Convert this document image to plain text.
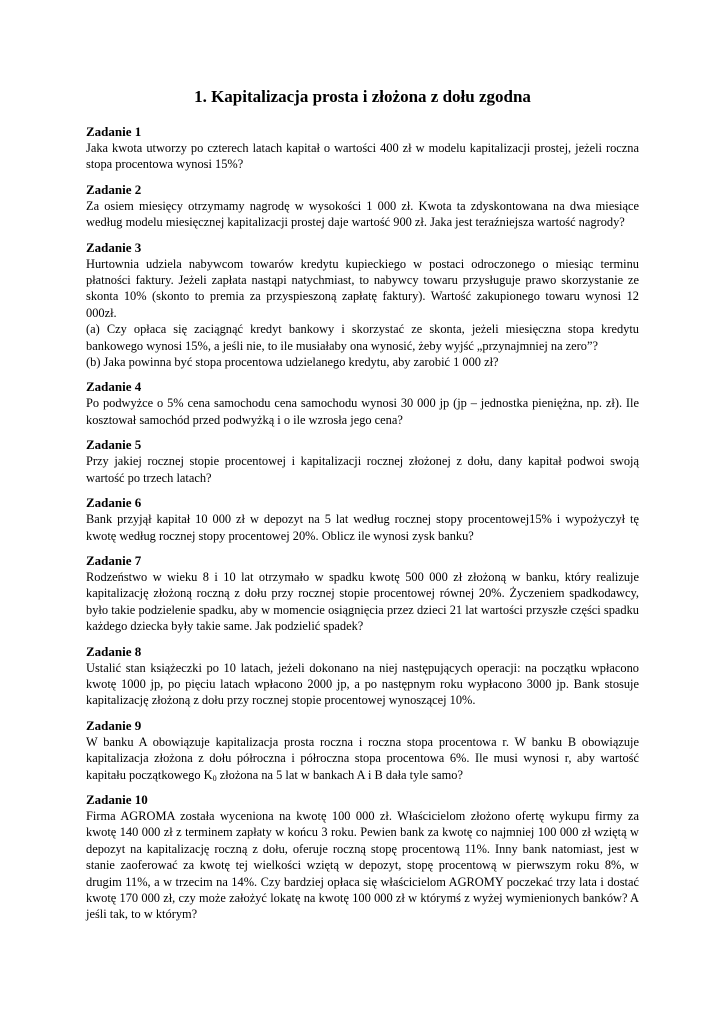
1. Kapitalizacja prosta i złożona z dołu zgodna
Zadanie 1

Jaka kwota utworzy po czterech latach kapitał o wartości 400 zł w modelu kapitalizacji prostej, jeżeli roczna stopa procentowa wynosi 15%?

Zadanie 2

Za osiem miesięcy otrzymamy nagrodę w wysokości 1 000 zł. Kwota ta zdyskontowana na dwa miesiące według modelu miesięcznej kapitalizacji prostej daje wartość 900 zł. Jaka jest teraźniejsza wartość nagrody?

Zadanie 3

Hurtownia udziela nabywcom towarów kredytu kupieckiego w postaci odroczonego o miesiąc terminu płatności faktury. Jeżeli zapłata nastąpi natychmiast, to nabywcy towaru przysługuje prawo skorzystanie ze skonta 10% (skonto to premia za przyspieszoną zapłatę faktury). Wartość zakupionego towaru wynosi 12 000zł.

(a) Czy opłaca się zaciągnąć kredyt bankowy i skorzystać ze skonta, jeżeli miesięczna stopa kredytu bankowego wynosi 15%, a jeśli nie, to ile musiałaby ona wynosić, żeby wyjść „przynajmniej na zero”?

(b) Jaka powinna być stopa procentowa udzielanego kredytu, aby zarobić 1 000 zł?

Zadanie 4

Po podwyżce o 5% cena samochodu cena samochodu wynosi 30 000 jp (jp – jednostka pieniężna, np. zł). Ile kosztował samochód przed podwyżką i o ile wzrosła jego cena?

Zadanie 5

Przy jakiej rocznej stopie procentowej i kapitalizacji rocznej złożonej z dołu, dany kapitał podwoi swoją wartość po trzech latach?

Zadanie 6

Bank przyjął kapitał 10 000 zł w depozyt na 5 lat według rocznej stopy procentowej15% i wypożyczył tę kwotę według rocznej stopy procentowej 20%. Oblicz ile wynosi zysk banku?

Zadanie 7

Rodzeństwo w wieku 8 i 10 lat otrzymało w spadku kwotę 500 000 zł złożoną w banku, który realizuje kapitalizację złożoną roczną z dołu przy rocznej stopie procentowej równej 20%. Życzeniem spadkodawcy, było takie podzielenie spadku, aby w momencie osiągnięcia przez dzieci 21 lat wartości przyszłe części spadku każdego dziecka były takie same. Jak podzielić spadek?

Zadanie 8

Ustalić stan książeczki po 10 latach, jeżeli dokonano na niej następujących operacji: na początku wpłacono kwotę 1000 jp, po pięciu latach wpłacono 2000 jp, a po następnym roku wypłacono 3000 jp. Bank stosuje kapitalizację złożoną z dołu przy rocznej stopie procentowej wynoszącej 10%.

Zadanie 9

W banku A obowiązuje kapitalizacja prosta roczna i roczna stopa procentowa r. W banku B obowiązuje kapitalizacja złożona z dołu półroczna i półroczna stopa procentowa 6%. Ile musi wynosi r, aby wartość kapitału początkowego $K_0$ złożona na 5 lat w bankach A i B dała tyle samo?

Zadanie 10

Firma AGROMA została wyceniona na kwotę 100 000 zł. Właścicielom złożono ofertę wykupu firmy za kwotę 140 000 zł z terminem zapłaty w końcu 3 roku. Pewien bank za kwotę co najmniej 100 000 zł wziętą w depozyt na kapitalizację roczną z dołu, oferuje roczną stopę procentową 11%. Inny bank natomiast, jest w stanie zaoferować za kwotę tej wielkości wziętą w depozyt, stopę procentową w pierwszym roku 8%, w drugim 11%, a w trzecim na 14%. Czy bardziej opłaca się właścicielom AGROMY poczekać trzy lata i dostać kwotę 170 000 zł, czy może założyć lokatę na kwotę 100 000 zł w którymś z wyżej wymienionych banków? A jeśli tak, to w którym?
